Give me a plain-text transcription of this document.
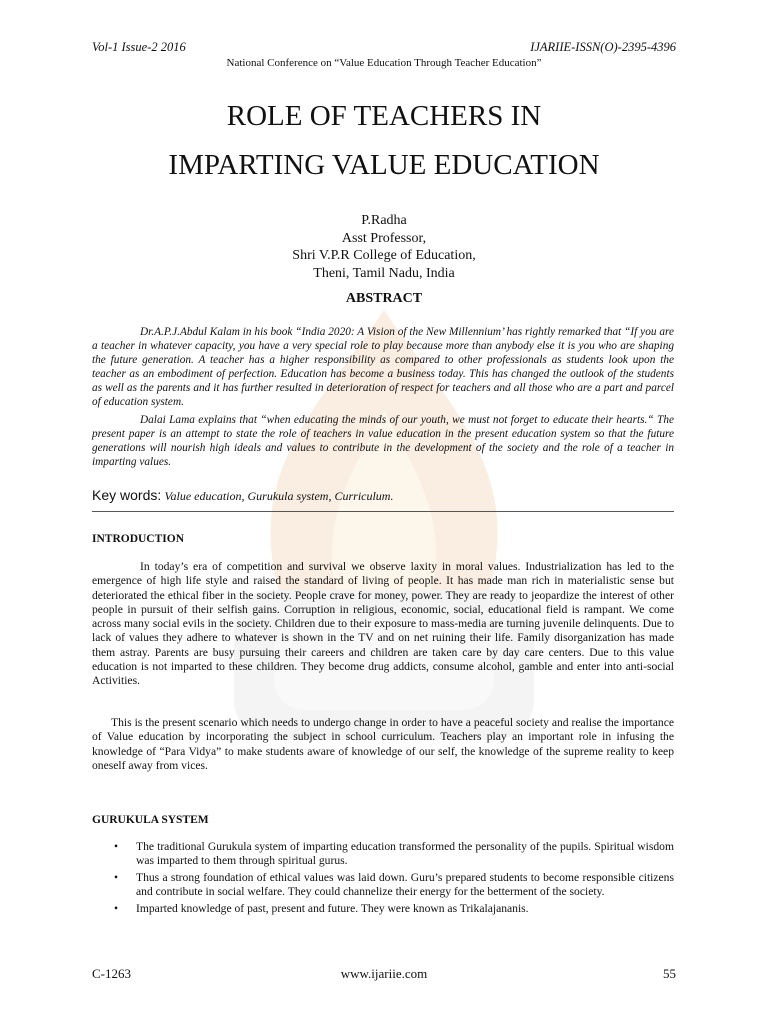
Vol-1 Issue-2 2016	IJARIIE-ISSN(O)-2395-4396
National Conference on “Value Education Through Teacher Education”
ROLE OF TEACHERS IN
IMPARTING VALUE EDUCATION
P.Radha
Asst Professor,
Shri V.P.R College of Education,
Theni, Tamil Nadu, India
ABSTRACT
Dr.A.P.J.Abdul Kalam in his book “India 2020: A Vision of the New Millennium’ has rightly remarked that “If you are a teacher in whatever capacity, you have a very special role to play because more than anybody else it is you who are shaping the future generation. A teacher has a higher responsibility as compared to other professionals as students look upon the teacher as an embodiment of perfection. Education has become a business today. This has changed the outlook of the students as well as the parents and it has further resulted in deterioration of respect for teachers and all those who are a part and parcel of education system.
Dalai Lama explains that “when educating the minds of our youth, we must not forget to educate their hearts.“ The present paper is an attempt to state the role of teachers in value education in the present education system so that the future generations will nourish high ideals and values to contribute in the development of the society and the role of a teacher in imparting values.
Key words: Value education, Gurukula system, Curriculum.
INTRODUCTION
In today’s era of competition and survival we observe laxity in moral values. Industrialization has led to the emergence of high life style and raised the standard of living of people. It has made man rich in materialistic sense but deteriorated the ethical fiber in the society. People crave for money, power. They are ready to jeopardize the interest of other people in pursuit of their selfish gains. Corruption in religious, economic, social, educational field is rampant. We come across many social evils in the society. Children due to their exposure to mass-media are turning juvenile delinquents. Due to lack of values they adhere to whatever is shown in the TV and on net ruining their life. Family disorganization has made them astray. Parents are busy pursuing their careers and children are taken care by day care centers. Due to this value education is not imparted to these children. They become drug addicts, consume alcohol, gamble and enter into anti-social Activities.
This is the present scenario which needs to undergo change in order to have a peaceful society and realise the importance of Value education by incorporating the subject in school curriculum. Teachers play an important role in infusing the knowledge of “Para Vidya” to make students aware of knowledge of our self, the knowledge of the supreme reality to keep oneself away from vices.
GURUKULA SYSTEM
• The traditional Gurukula system of imparting education transformed the personality of the pupils. Spiritual wisdom was imparted to them through spiritual gurus.
• Thus a strong foundation of ethical values was laid down. Guru’s prepared students to become responsible citizens and contribute in social welfare. They could channelize their energy for the betterment of the society.
• Imparted knowledge of past, present and future. They were known as Trikalajananis.
C-1263	www.ijariie.com	55
